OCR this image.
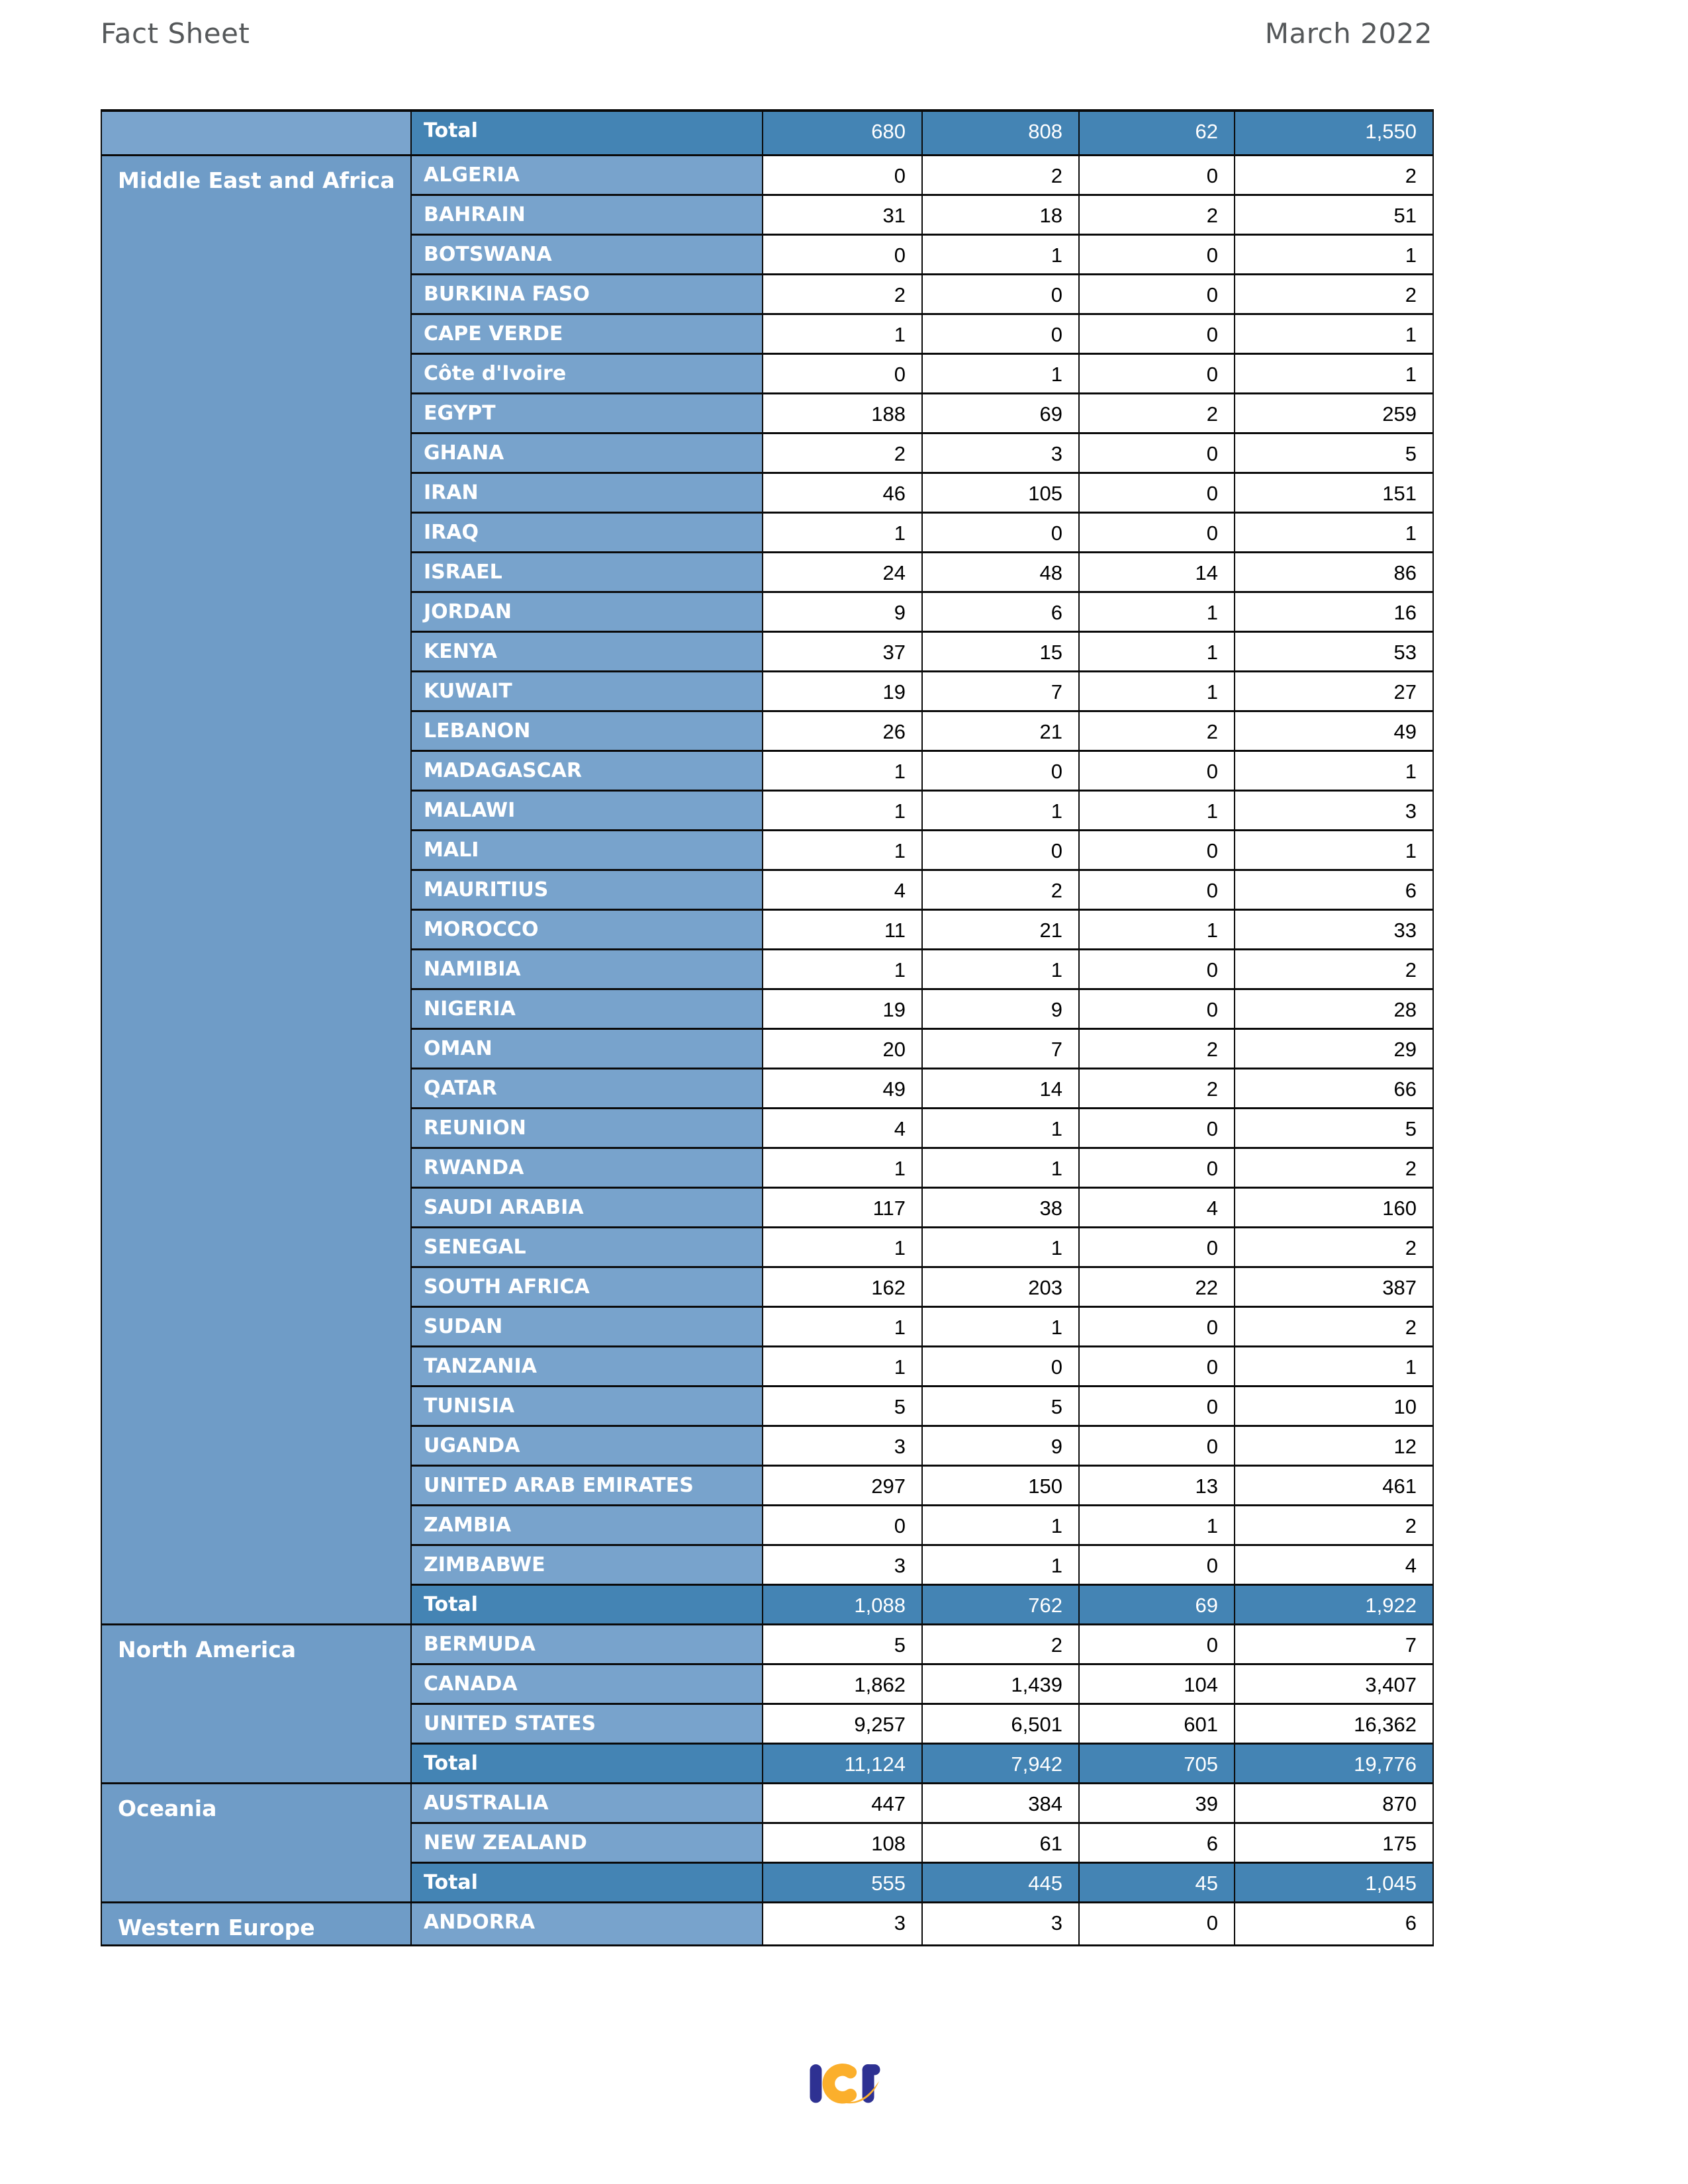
Fact Sheet	March 2022
	Total	680	808	62	1,550
Middle East and Africa	ALGERIA	0	2	0	2
	BAHRAIN	31	18	2	51
	BOTSWANA	0	1	0	1
	BURKINA FASO	2	0	0	2
	CAPE VERDE	1	0	0	1
	Côte d'Ivoire	0	1	0	1
	EGYPT	188	69	2	259
	GHANA	2	3	0	5
	IRAN	46	105	0	151
	IRAQ	1	0	0	1
	ISRAEL	24	48	14	86
	JORDAN	9	6	1	16
	KENYA	37	15	1	53
	KUWAIT	19	7	1	27
	LEBANON	26	21	2	49
	MADAGASCAR	1	0	0	1
	MALAWI	1	1	1	3
	MALI	1	0	0	1
	MAURITIUS	4	2	0	6
	MOROCCO	11	21	1	33
	NAMIBIA	1	1	0	2
	NIGERIA	19	9	0	28
	OMAN	20	7	2	29
	QATAR	49	14	2	66
	REUNION	4	1	0	5
	RWANDA	1	1	0	2
	SAUDI ARABIA	117	38	4	160
	SENEGAL	1	1	0	2
	SOUTH AFRICA	162	203	22	387
	SUDAN	1	1	0	2
	TANZANIA	1	0	0	1
	TUNISIA	5	5	0	10
	UGANDA	3	9	0	12
	UNITED ARAB EMIRATES	297	150	13	461
	ZAMBIA	0	1	1	2
	ZIMBABWE	3	1	0	4
	Total	1,088	762	69	1,922
North America	BERMUDA	5	2	0	7
	CANADA	1,862	1,439	104	3,407
	UNITED STATES	9,257	6,501	601	16,362
	Total	11,124	7,942	705	19,776
Oceania	AUSTRALIA	447	384	39	870
	NEW ZEALAND	108	61	6	175
	Total	555	445	45	1,045
Western Europe	ANDORRA	3	3	0	6
